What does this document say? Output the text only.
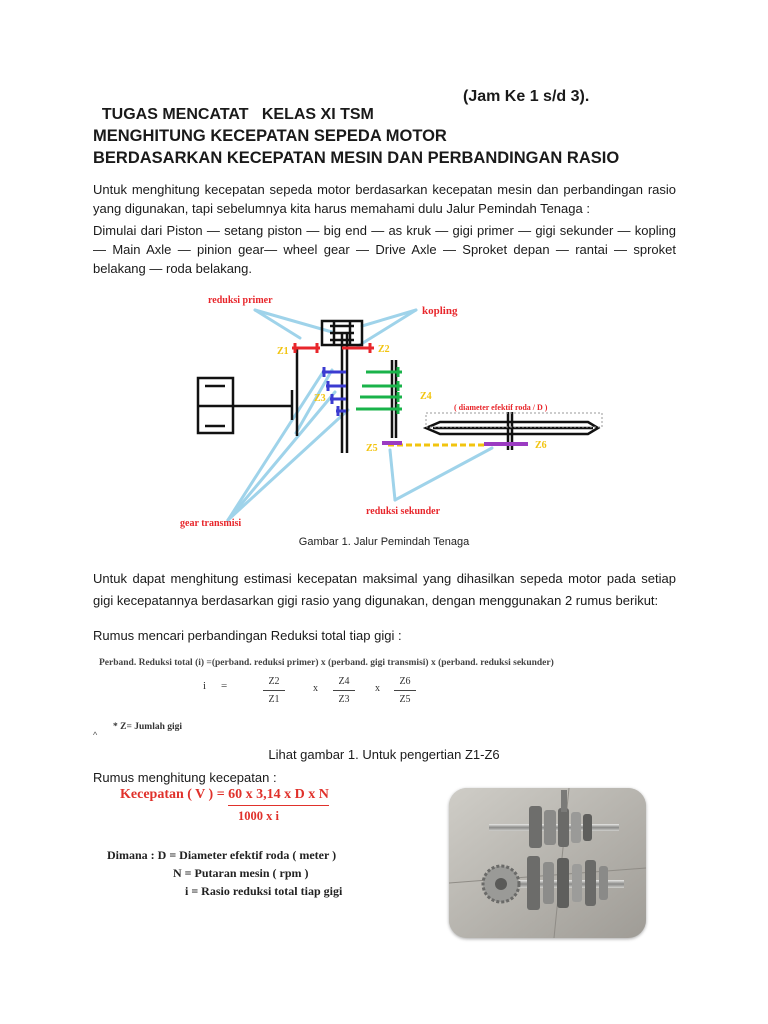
TUGAS MENCATAT   KELAS XI TSM

(Jam Ke 1 s/d 3).

MENGHITUNG KECEPATAN SEPEDA MOTOR
BERDASARKAN KECEPATAN MESIN DAN PERBANDINGAN RASIO
Untuk menghitung kecepatan sepeda motor berdasarkan kecepatan mesin dan perbandingan rasio yang digunakan, tapi sebelumnya kita harus memahami dulu Jalur Pemindah Tenaga :
Dimulai dari Piston — setang piston — big end — as kruk — gigi primer — gigi sekunder — kopling — Main Axle — pinion gear— wheel gear — Drive Axle — Sproket depan — rantai — sproket belakang — roda belakang.
reduksi primer
kopling
Z1	Z2
Z3	Z4
Z5	Z6
( diameter efektif roda / D )
gear transmisi
reduksi sekunder
Gambar 1. Jalur Pemindah Tenaga
Untuk dapat menghitung estimasi kecepatan maksimal yang dihasilkan sepeda motor pada setiap gigi kecepatannya berdasarkan gigi rasio yang digunakan, dengan menggunakan 2 rumus berikut:
Rumus mencari perbandingan Reduksi total tiap gigi :
Perband. Reduksi total (i) =(perband. reduksi primer) x (perband. gigi transmisi) x (perband. reduksi sekunder)
i =	$\frac{Z2}{Z1}$	x $\frac{Z4}{Z3}$ x $\frac{Z6}{Z5}$
* Z= Jumlah gigi
^
Lihat gambar 1. Untuk pengertian Z1-Z6
Rumus menghitung kecepatan :
Kecepatan ( V ) = 60 x 3,14 x D x N
1000 x i
Dimana : D = Diameter efektif roda ( meter )
N = Putaran mesin ( rpm )
i = Rasio reduksi total tiap gigi
